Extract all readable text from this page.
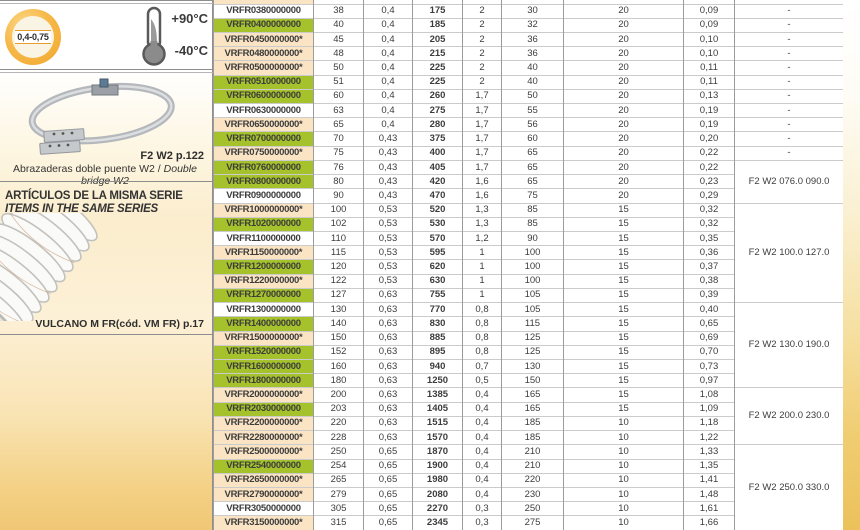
0,4-0,75
+90°C
-40°C
F2 W2 p.122
Abrazaderas doble puente W2 / Double bridge W2
ARTÍCULOS DE LA MISMA SERIE
ITEMS IN THE SAME SERIES
VULCANO M FR(cód. VM FR) p.17

VRFR0380000000	38	0,4	175	2	30	20	0,09	-
VRFR0400000000	40	0,4	185	2	32	20	0,09	-
VRFR0450000000*	45	0,4	205	2	36	20	0,10	-
VRFR0480000000*	48	0,4	215	2	36	20	0,10	-
VRFR0500000000*	50	0,4	225	2	40	20	0,11	-
VRFR0510000000	51	0,4	225	2	40	20	0,11	-
VRFR0600000000	60	0,4	260	1,7	50	20	0,13	-
VRFR0630000000	63	0,4	275	1,7	55	20	0,19	-
VRFR0650000000*	65	0,4	280	1,7	56	20	0,19	-
VRFR0700000000	70	0,43	375	1,7	60	20	0,20	-
VRFR0750000000*	75	0,43	400	1,7	65	20	0,22	-
VRFR0760000000	76	0,43	405	1,7	65	20	0,22	F2 W2 076.0 090.0
VRFR0800000000	80	0,43	420	1,6	65	20	0,23	
VRFR0900000000	90	0,43	470	1,6	75	20	0,29	
VRFR1000000000*	100	0,53	520	1,3	85	15	0,32	F2 W2 100.0 127.0
VRFR1020000000	102	0,53	530	1,3	85	15	0,32	
VRFR1100000000	110	0,53	570	1,2	90	15	0,35	
VRFR1150000000*	115	0,53	595	1	100	15	0,36	
VRFR1200000000	120	0,53	620	1	100	15	0,37	
VRFR1220000000*	122	0,53	630	1	100	15	0,38	
VRFR1270000000	127	0,63	755	1	105	15	0,39	
VRFR1300000000	130	0,63	770	0,8	105	15	0,40	F2 W2 130.0 190.0
VRFR1400000000	140	0,63	830	0,8	115	15	0,65	
VRFR1500000000*	150	0,63	885	0,8	125	15	0,69	
VRFR1520000000	152	0,63	895	0,8	125	15	0,70	
VRFR1600000000	160	0,63	940	0,7	130	15	0,73	
VRFR1800000000	180	0,63	1250	0,5	150	15	0,97	
VRFR2000000000*	200	0,63	1385	0,4	165	15	1,08	F2 W2 200.0 230.0
VRFR2030000000	203	0,63	1405	0,4	165	15	1,09	
VRFR2200000000*	220	0,63	1515	0,4	185	10	1,18	
VRFR2280000000*	228	0,63	1570	0,4	185	10	1,22	
VRFR2500000000*	250	0,65	1870	0,4	210	10	1,33	F2 W2 250.0 330.0
VRFR2540000000	254	0,65	1900	0,4	210	10	1,35	
VRFR2650000000*	265	0,65	1980	0,4	220	10	1,41	
VRFR2790000000*	279	0,65	2080	0,4	230	10	1,48	
VRFR3050000000	305	0,65	2270	0,3	250	10	1,61	
VRFR3150000000*	315	0,65	2345	0,3	275	10	1,66	
